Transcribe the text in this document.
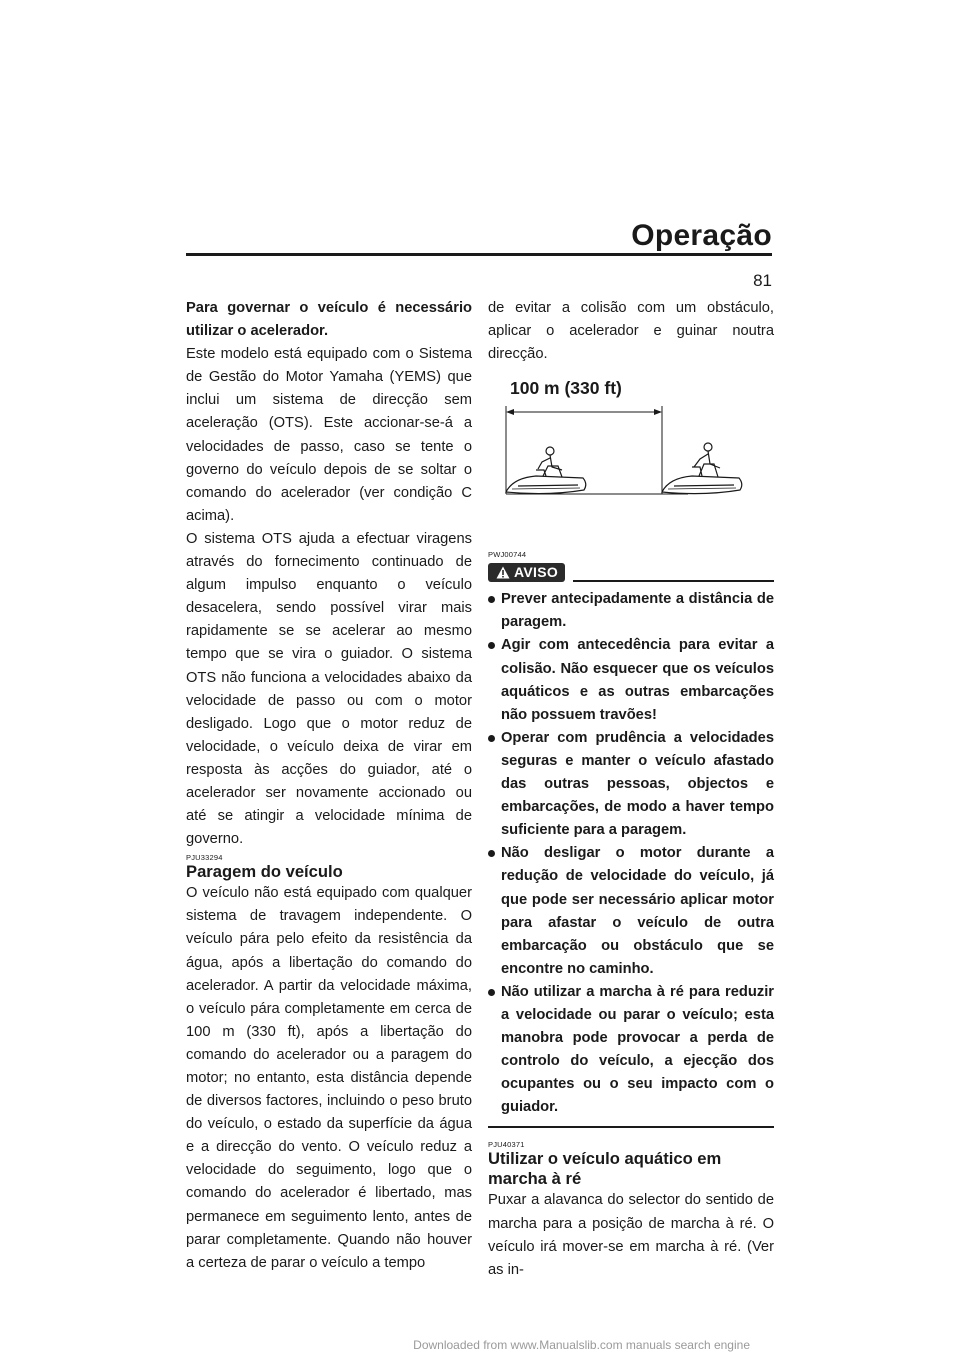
Operação
81

Para governar o veículo é necessário utilizar o acelerador.

Este modelo está equipado com o Sistema de Gestão do Motor Yamaha (YEMS) que inclui um sistema de direcção sem aceleração (OTS). Este accionar-se-á a velocidades de passo, caso se tente o governo do veículo depois de se soltar o comando do acelerador (ver condição C acima).

O sistema OTS ajuda a efectuar viragens através do fornecimento continuado de algum impulso enquanto o veículo desacelera, sendo possível virar mais rapidamente se se acelerar ao mesmo tempo que se vira o guiador. O sistema OTS não funciona a velocidades abaixo da velocidade de passo ou com o motor desligado. Logo que o motor reduz de velocidade, o veículo deixa de virar em resposta às acções do guiador, até o acelerador ser novamente accionado ou até se atingir a velocidade mínima de governo.

PJU33294
Paragem do veículo

O veículo não está equipado com qualquer sistema de travagem independente. O veículo pára pelo efeito da resistência da água, após a libertação do comando do acelerador. A partir da velocidade máxima, o veículo pára completamente em cerca de 100 m (330 ft), após a libertação do comando do acelerador ou a paragem do motor; no entanto, esta distância depende de diversos factores, incluindo o peso bruto do veículo, o estado da superfície da água e a direcção do vento. O veículo reduz a velocidade do seguimento, logo que o comando do acelerador é libertado, mas permanece em seguimento lento, antes de parar completamente. Quando não houver a certeza de parar o veículo a tempo

de evitar a colisão com um obstáculo, aplicar o acelerador e guinar noutra direcção.

100 m (330 ft)
PWJ00744
AVISO
Prever antecipadamente a distância de paragem.
Agir com antecedência para evitar a colisão. Não esquecer que os veículos aquáticos e as outras embarcações não possuem travões!
Operar com prudência a velocidades seguras e manter o veículo afastado das outras pessoas, objectos e embarcações, de modo a haver tempo suficiente para a paragem.
Não desligar o motor durante a redução de velocidade do veículo, já que pode ser necessário aplicar motor para afastar o veículo de outra embarcação ou obstáculo que se encontre no caminho.
Não utilizar a marcha à ré para reduzir a velocidade ou parar o veículo; esta manobra pode provocar a perda de controlo do veículo, a ejecção dos ocupantes ou o seu impacto com o guiador.
PJU40371
Utilizar o veículo aquático em marcha à ré

Puxar a alavanca do selector do sentido de marcha para a posição de marcha à ré. O veículo irá mover-se em marcha à ré. (Ver as in-

Downloaded from www.Manualslib.com manuals search engine
